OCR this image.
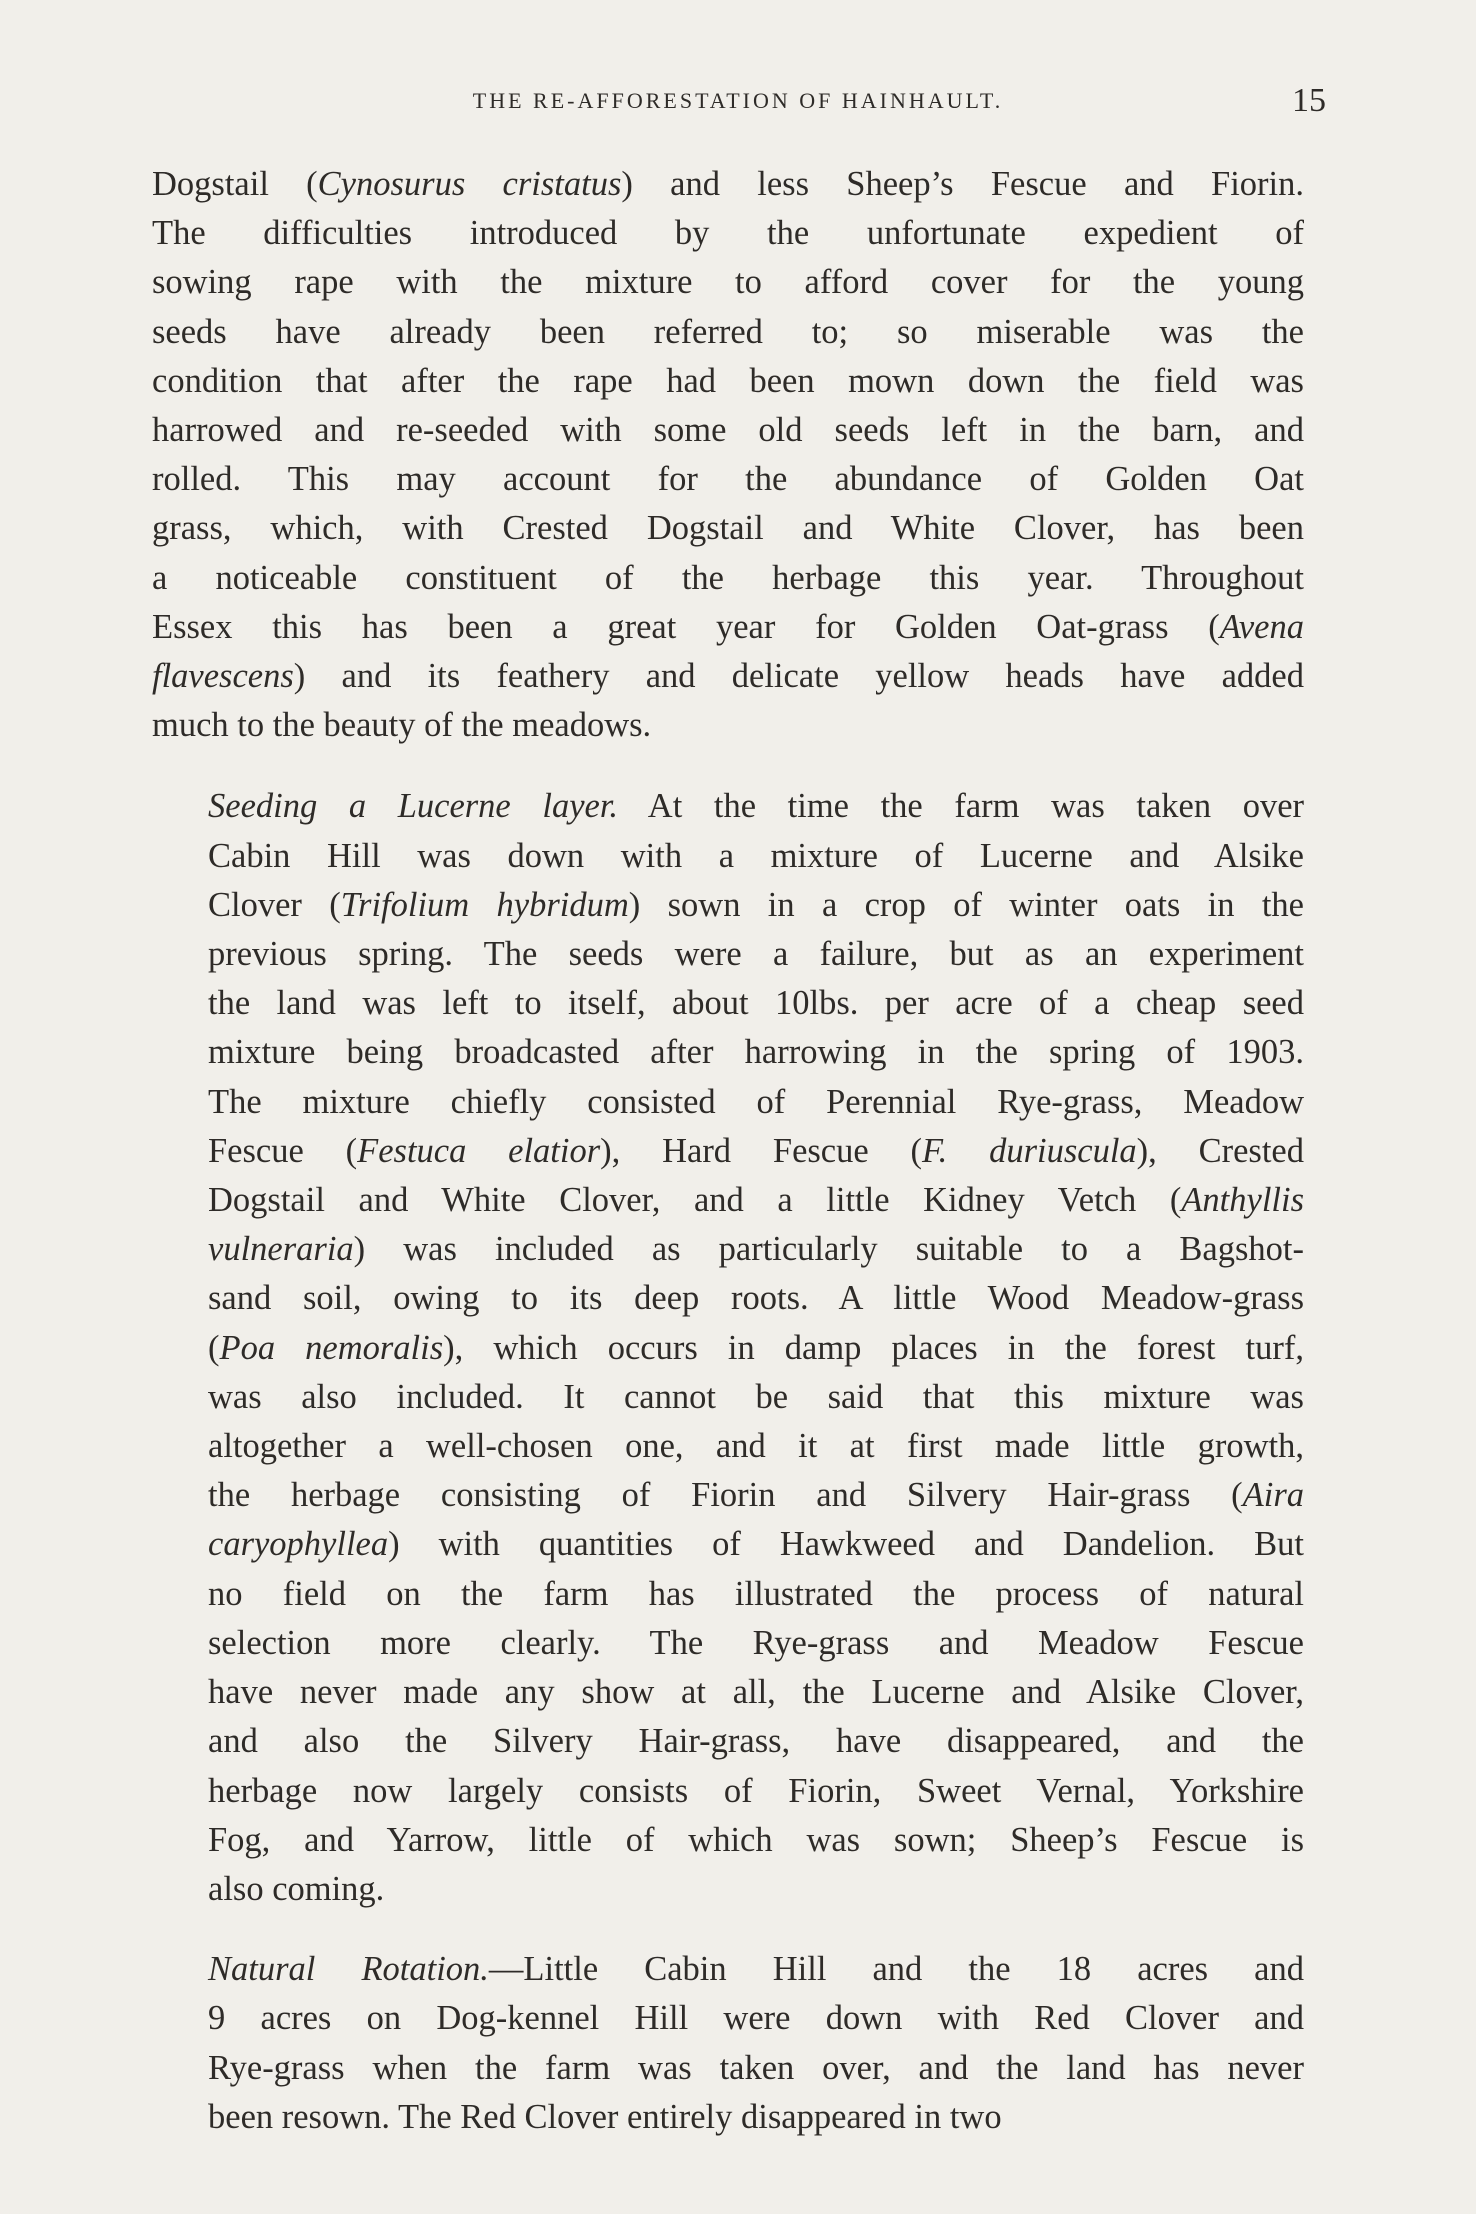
THE RE-AFFORESTATION OF HAINHAULT.	15
Dogstail (Cynosurus cristatus) and less Sheep’s Fescue and Fiorin.
The difficulties introduced by the unfortunate expedient of
sowing rape with the mixture to afford cover for the young
seeds have already been referred to; so miserable was the
condition that after the rape had been mown down the field was
harrowed and re-seeded with some old seeds left in the barn, and
rolled. This may account for the abundance of Golden Oat
grass, which, with Crested Dogstail and White Clover, has been
a noticeable constituent of the herbage this year. Throughout
Essex this has been a great year for Golden Oat-grass (Avena
flavescens) and its feathery and delicate yellow heads have added
much to the beauty of the meadows.
Seeding a Lucerne layer. At the time the farm was taken over
Cabin Hill was down with a mixture of Lucerne and Alsike
Clover (Trifolium hybridum) sown in a crop of winter oats in the
previous spring. The seeds were a failure, but as an experiment
the land was left to itself, about 10lbs. per acre of a cheap seed
mixture being broadcasted after harrowing in the spring of 1903.
The mixture chiefly consisted of Perennial Rye-grass, Meadow
Fescue (Festuca elatior), Hard Fescue (F. duriuscula), Crested
Dogstail and White Clover, and a little Kidney Vetch (Anthyllis
vulneraria) was included as particularly suitable to a Bagshot-
sand soil, owing to its deep roots. A little Wood Meadow-grass
(Poa nemoralis), which occurs in damp places in the forest turf,
was also included. It cannot be said that this mixture was
altogether a well-chosen one, and it at first made little growth,
the herbage consisting of Fiorin and Silvery Hair-grass (Aira
caryophyllea) with quantities of Hawkweed and Dandelion. But
no field on the farm has illustrated the process of natural
selection more clearly. The Rye-grass and Meadow Fescue
have never made any show at all, the Lucerne and Alsike Clover,
and also the Silvery Hair-grass, have disappeared, and the
herbage now largely consists of Fiorin, Sweet Vernal, Yorkshire
Fog, and Yarrow, little of which was sown; Sheep’s Fescue is
also coming.
Natural Rotation.—Little Cabin Hill and the 18 acres and
9 acres on Dog-kennel Hill were down with Red Clover and
Rye-grass when the farm was taken over, and the land has never
been resown. The Red Clover entirely disappeared in two
